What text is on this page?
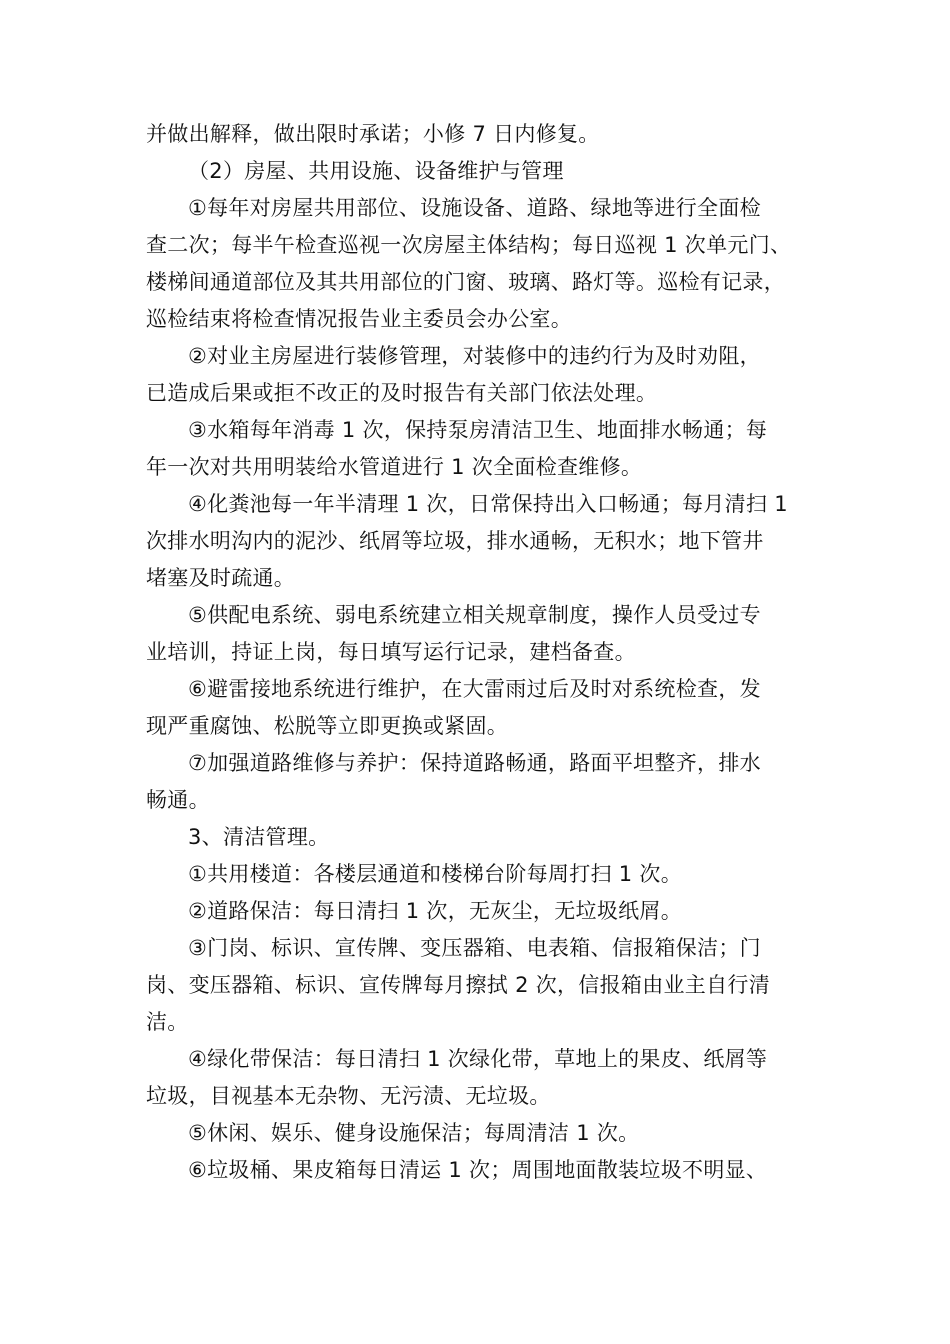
并做出解释，做出限时承诺；小修 7 日内修复。

（2）房屋、共用设施、设备维护与管理

①每年对房屋共用部位、设施设备、道路、绿地等进行全面检
查二次；每半午检查巡视一次房屋主体结构；每日巡视 1 次单元门、
楼梯间通道部位及其共用部位的门窗、玻璃、路灯等。巡检有记录，
巡检结束将检查情况报告业主委员会办公室。

②对业主房屋进行装修管理，对装修中的违约行为及时劝阻，
已造成后果或拒不改正的及时报告有关部门依法处理。

③水箱每年消毒 1 次，保持泵房清洁卫生、地面排水畅通；每
年一次对共用明装给水管道进行 1 次全面检查维修。

④化粪池每一年半清理 1 次，日常保持出入口畅通；每月清扫 1
次排水明沟内的泥沙、纸屑等垃圾，排水通畅，无积水；地下管井
堵塞及时疏通。

⑤供配电系统、弱电系统建立相关规章制度，操作人员受过专
业培训，持证上岗，每日填写运行记录，建档备查。

⑥避雷接地系统进行维护，在大雷雨过后及时对系统检查，发
现严重腐蚀、松脱等立即更换或紧固。

⑦加强道路维修与养护：保持道路畅通，路面平坦整齐，排水
畅通。

3、清洁管理。

①共用楼道：各楼层通道和楼梯台阶每周打扫 1 次。

②道路保洁：每日清扫 1 次，无灰尘，无垃圾纸屑。

③门岗、标识、宣传牌、变压器箱、电表箱、信报箱保洁；门
岗、变压器箱、标识、宣传牌每月擦拭 2 次，信报箱由业主自行清
洁。

④绿化带保洁：每日清扫 1 次绿化带，草地上的果皮、纸屑等
垃圾，目视基本无杂物、无污渍、无垃圾。

⑤休闲、娱乐、健身设施保洁；每周清洁 1 次。

⑥垃圾桶、果皮箱每日清运 1 次；周围地面散装垃圾不明显、
